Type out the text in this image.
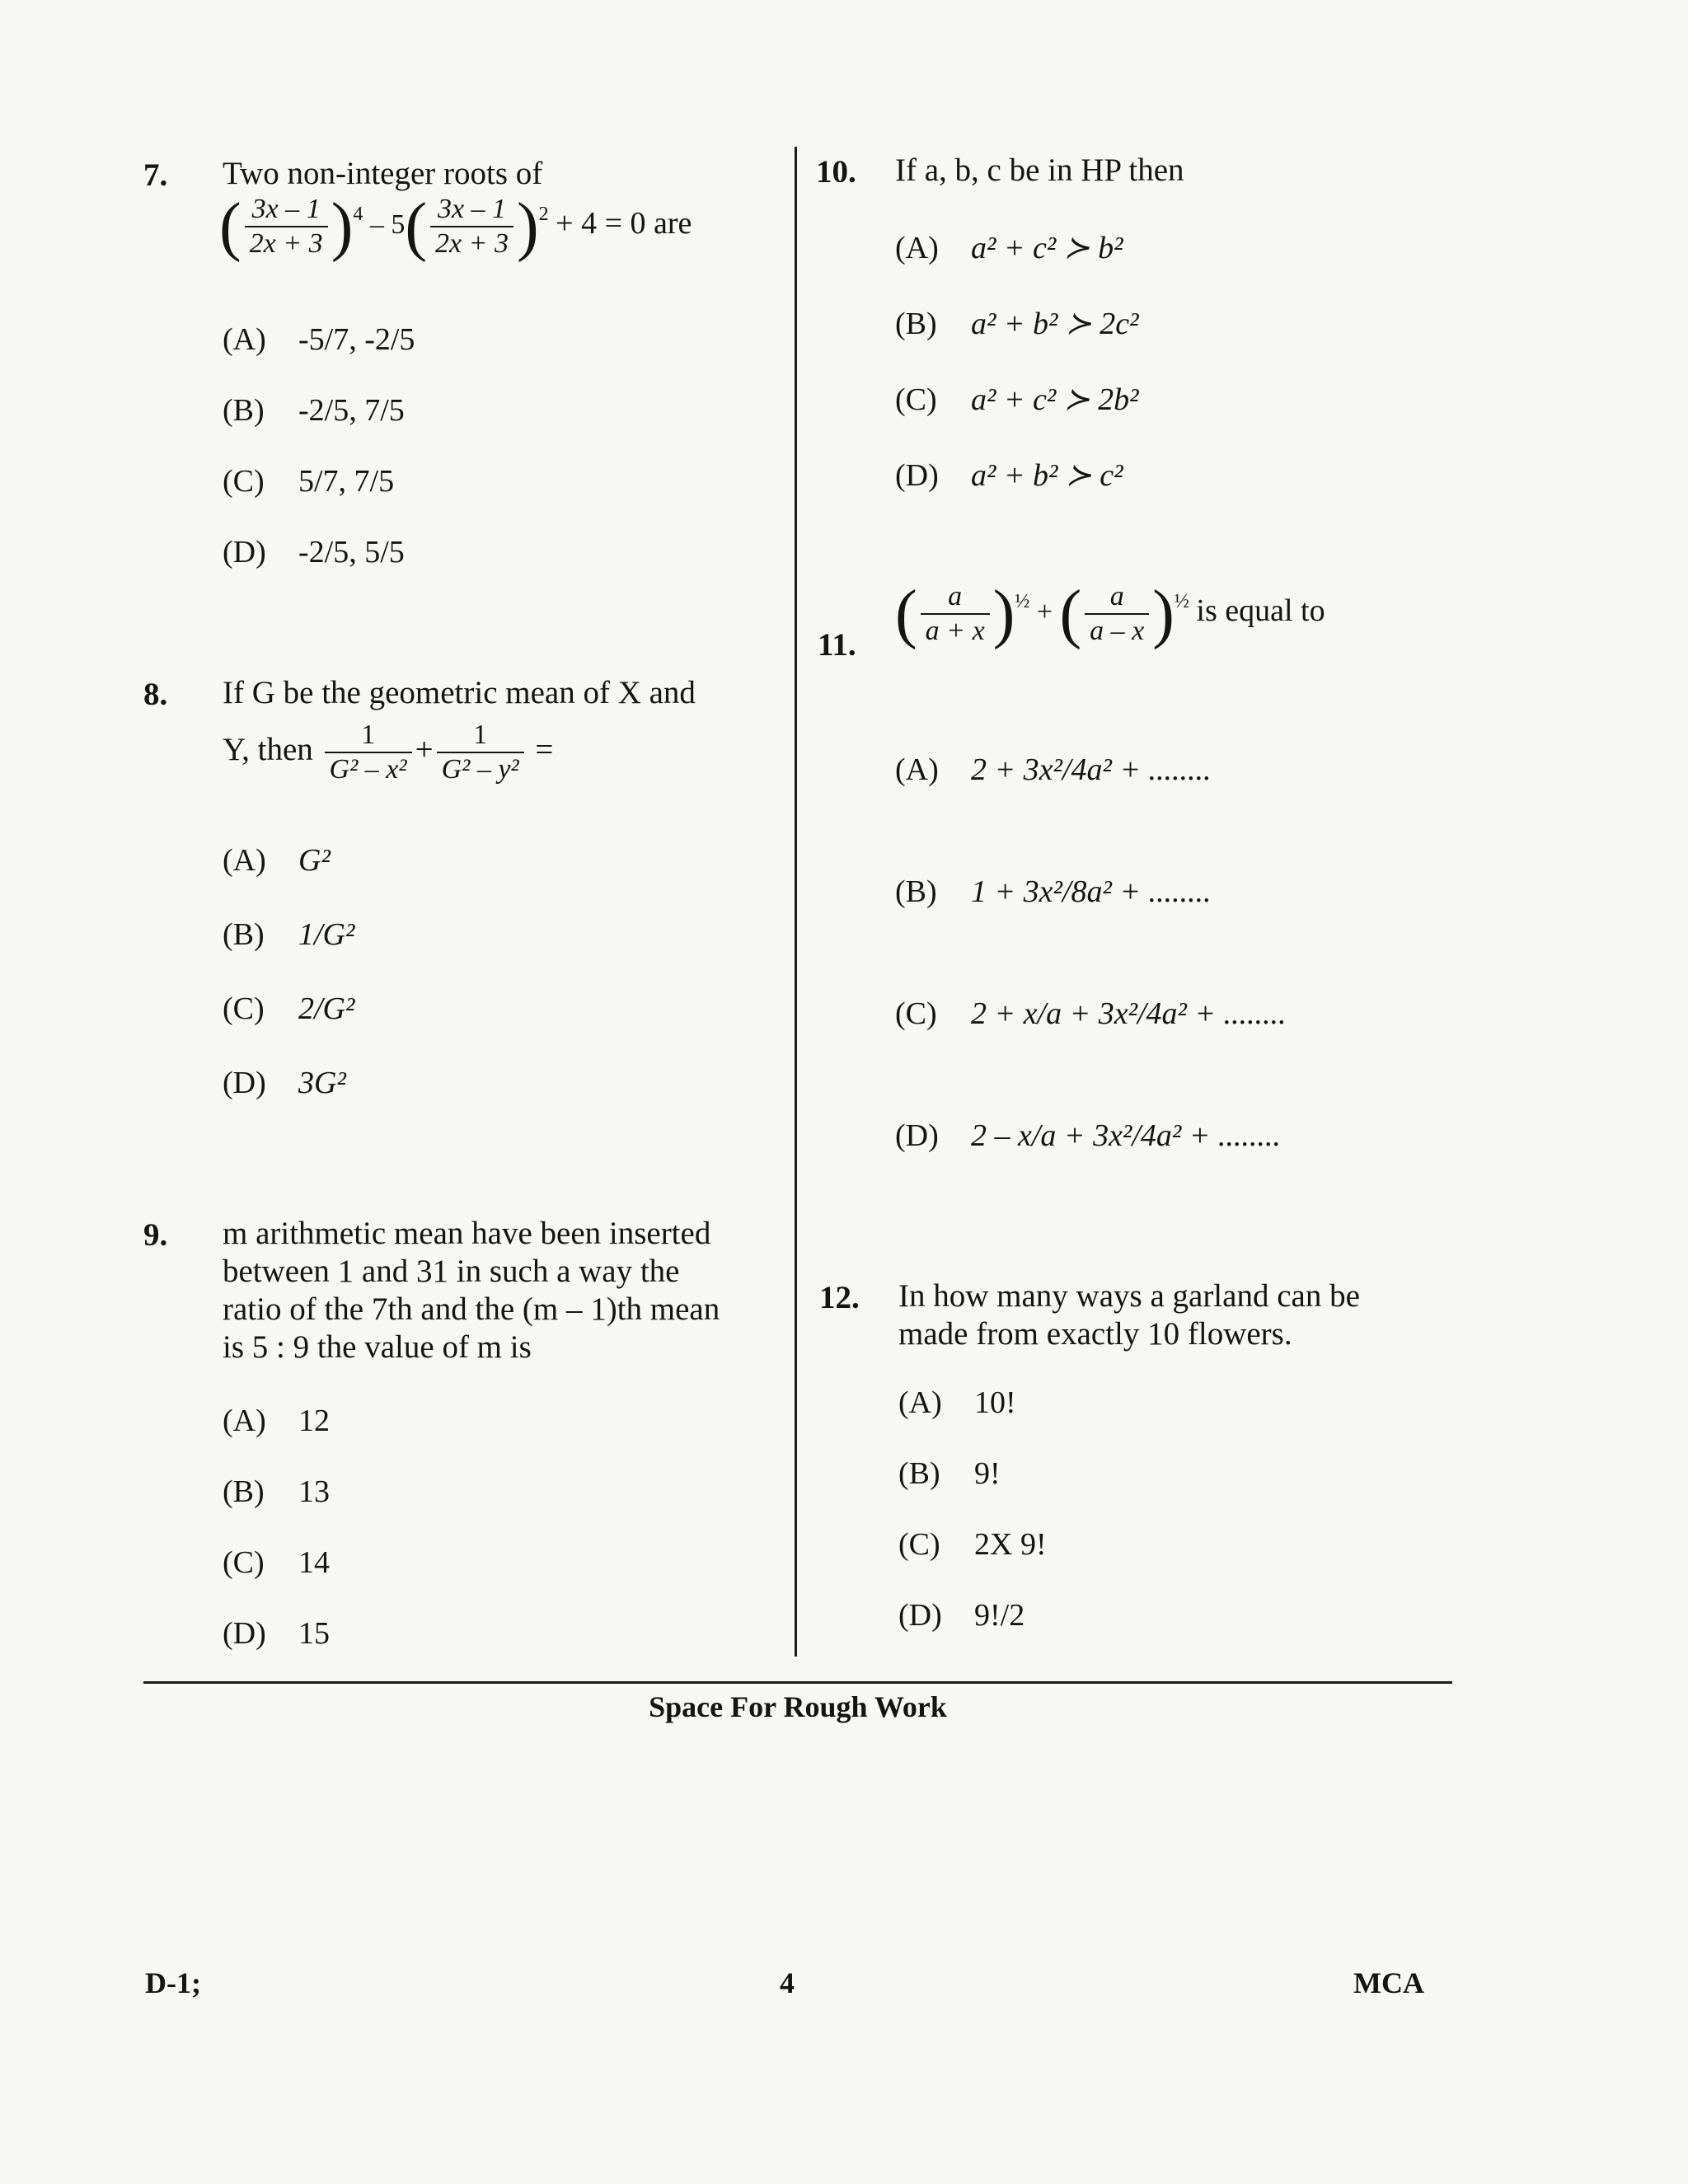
7. Two non-integer roots of
( $\frac{3x - 1}{2x + 3} )^4 - 5( \frac{3x - 1}{2x + 3} )^2 + 4 = 0$ are
(A) -5/7, -2/5
(B) -2/5, 7/5
(C) 5/7, 7/5
(D) -2/5, 5/5
8. If G be the geometric mean of X and
Y, then $\frac{1}{\text{G² – x²}} + \frac{1}{\text{G² – y²}}$ =
(A) G²
(B) 1/G²
(C) 2/G²
(D) 3G²
9. m arithmetic mean have been inserted
between 1 and 31 in such a way the
ratio of the 7th and the (m – 1)th mean
is 5 : 9 the value of m is
(A) 12
(B) 13
(C) 14
(D) 15
10. If a, b, c be in HP then
(A) a² + c² ≻ b²
(B) a² + b² ≻ 2c²
(C) a² + c² ≻ 2b²
(D) a² + b² ≻ c²
11. ( $\frac{a}{a + x} )^{\frac{1}{2}}$ + ( $\frac{a}{a - x} )^{\frac{1}{2}}$ is equal to
(A) 2 + 3x²/4a² + ........
(B) 1 + 3x²/8a² + ........
(C) 2 + x/a + 3x²/4a² + ........
(D) 2 – x/a + 3x²/4a² + ........
12. In how many ways a garland can be
made from exactly 10 flowers.
(A) 10!
(B) 9!
(C) 2X 9!
(D) 9!/2
Space For Rough Work
D-1;	4	MCA
